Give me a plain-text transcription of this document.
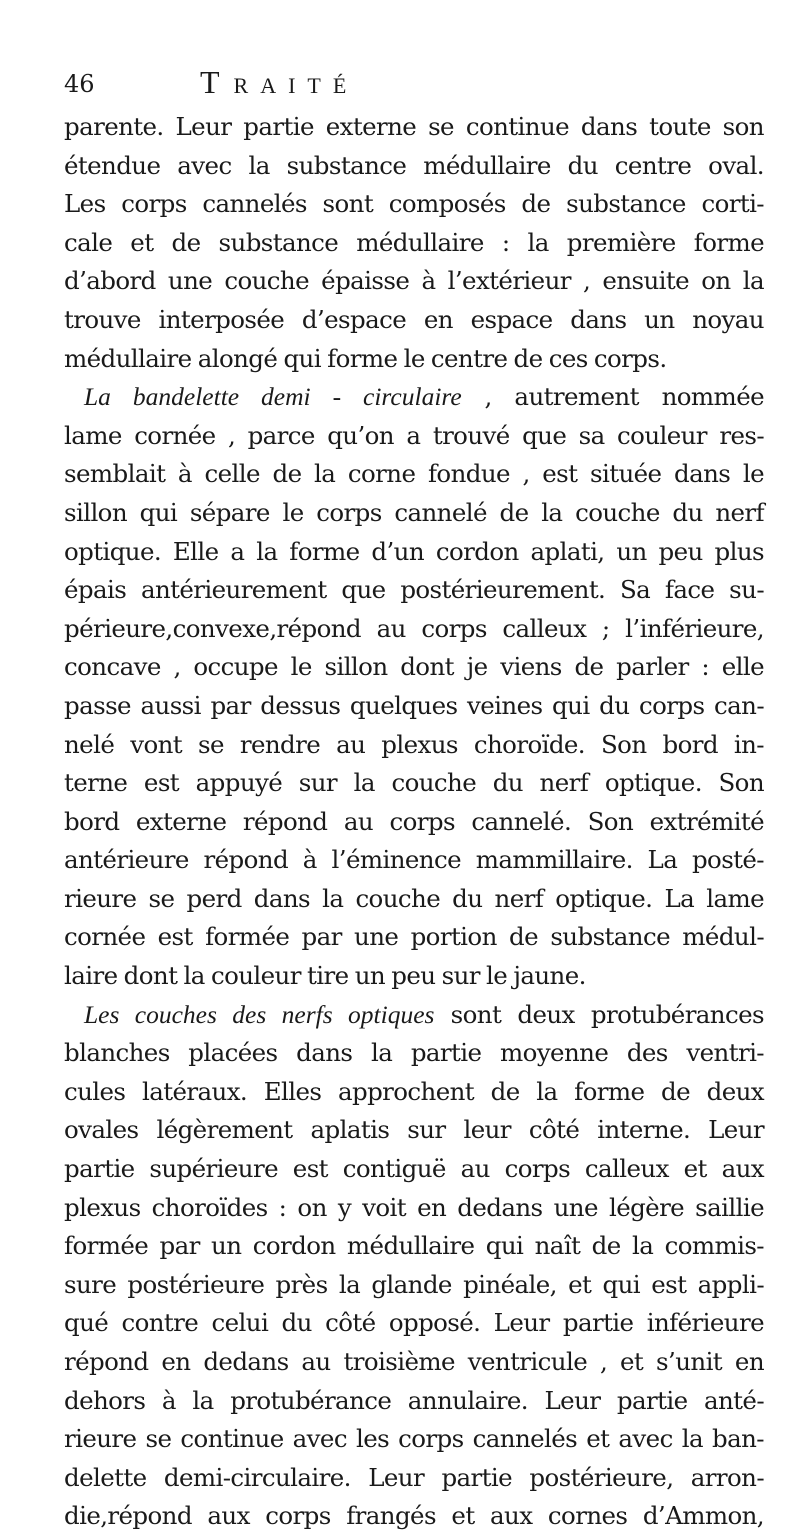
46	TRAITÉ
parente. Leur partie externe se continue dans toute son
étendue avec la substance médullaire du centre oval.
Les corps cannelés sont composés de substance corti-
cale et de substance médullaire : la première forme
d’abord une couche épaisse à l’extérieur , ensuite on la
trouve interposée d’espace en espace dans un noyau
médullaire alongé qui forme le centre de ces corps.
La bandelette demi - circulaire , autrement nommée
lame cornée , parce qu’on a trouvé que sa couleur res-
semblait à celle de la corne fondue , est située dans le
sillon qui sépare le corps cannelé de la couche du nerf
optique. Elle a la forme d’un cordon aplati, un peu plus
épais antérieurement que postérieurement. Sa face su-
périeure,convexe,répond au corps calleux ; l’inférieure,
concave , occupe le sillon dont je viens de parler : elle
passe aussi par dessus quelques veines qui du corps can-
nelé vont se rendre au plexus choroïde. Son bord in-
terne est appuyé sur la couche du nerf optique. Son
bord externe répond au corps cannelé. Son extrémité
antérieure répond à l’éminence mammillaire. La posté-
rieure se perd dans la couche du nerf optique. La lame
cornée est formée par une portion de substance médul-
laire dont la couleur tire un peu sur le jaune.
Les couches des nerfs optiques sont deux protubérances
blanches placées dans la partie moyenne des ventri-
cules latéraux. Elles approchent de la forme de deux
ovales légèrement aplatis sur leur côté interne. Leur
partie supérieure est contiguë au corps calleux et aux
plexus choroïdes : on y voit en dedans une légère saillie
formée par un cordon médullaire qui naît de la commis-
sure postérieure près la glande pinéale, et qui est appli-
qué contre celui du côté opposé. Leur partie inférieure
répond en dedans au troisième ventricule , et s’unit en
dehors à la protubérance annulaire. Leur partie anté-
rieure se continue avec les corps cannelés et avec la ban-
delette demi-circulaire. Leur partie postérieure, arron-
die,répond aux corps frangés et aux cornes d’Ammon,
